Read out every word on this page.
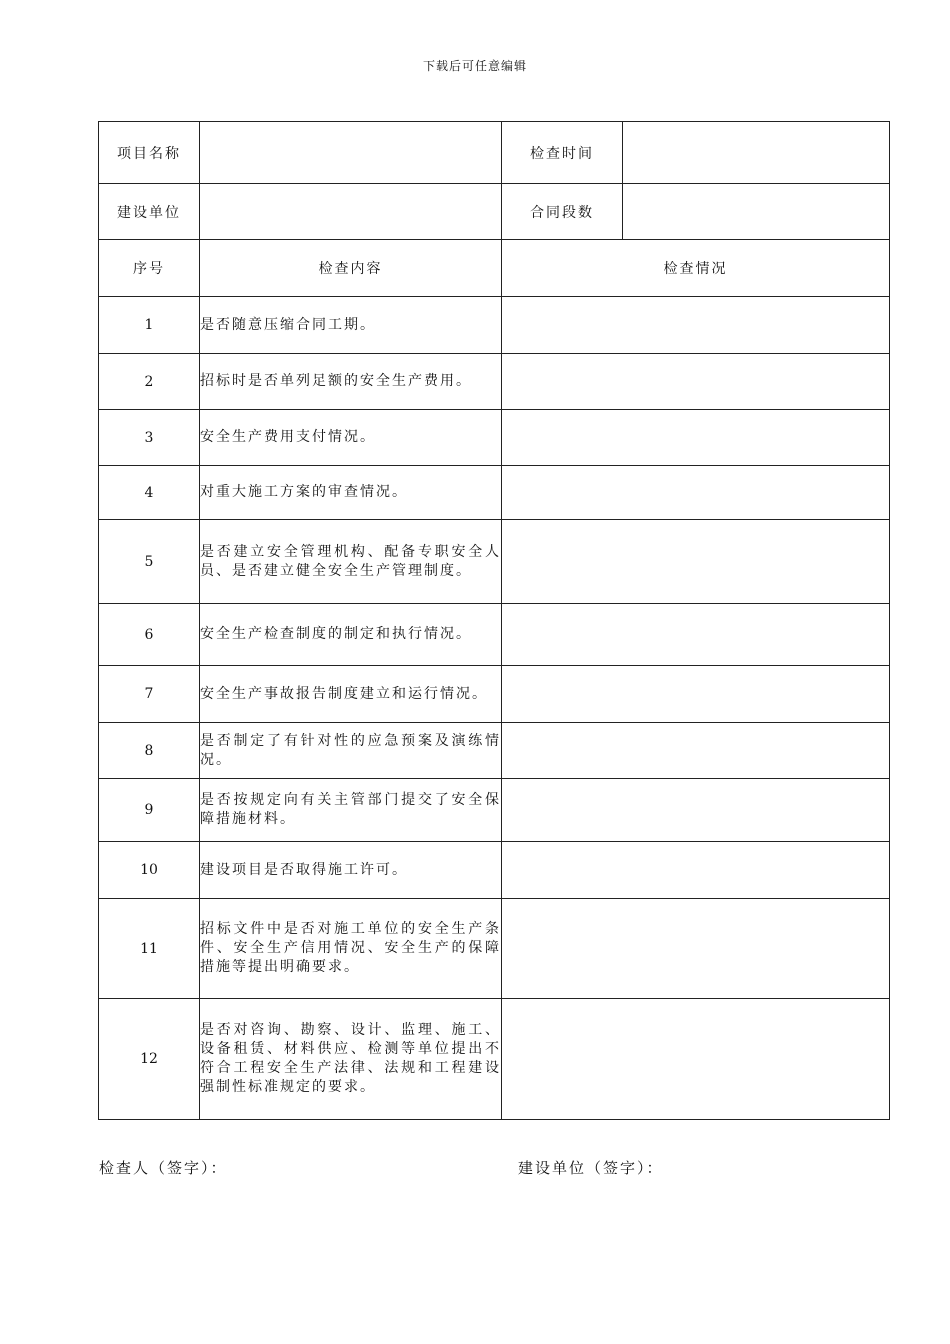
下载后可任意编辑
项目名称		检查时间	
建设单位		合同段数	
序号	检查内容	检查情况	
1	是否随意压缩合同工期。		
2	招标时是否单列足额的安全生产费用。		
3	安全生产费用支付情况。		
4	对重大施工方案的审查情况。		
5	是否建立安全管理机构、配备专职安全人员、是否建立健全安全生产管理制度。		
6	安全生产检查制度的制定和执行情况。		
7	安全生产事故报告制度建立和运行情况。		
8	是否制定了有针对性的应急预案及演练情况。		
9	是否按规定向有关主管部门提交了安全保障措施材料。		
10	建设项目是否取得施工许可。		
11	招标文件中是否对施工单位的安全生产条件、安全生产信用情况、安全生产的保障措施等提出明确要求。		
12	是否对咨询、勘察、设计、监理、施工、设备租赁、材料供应、检测等单位提出不符合工程安全生产法律、法规和工程建设强制性标准规定的要求。		
检查人（签字）：	建设单位（签字）：
